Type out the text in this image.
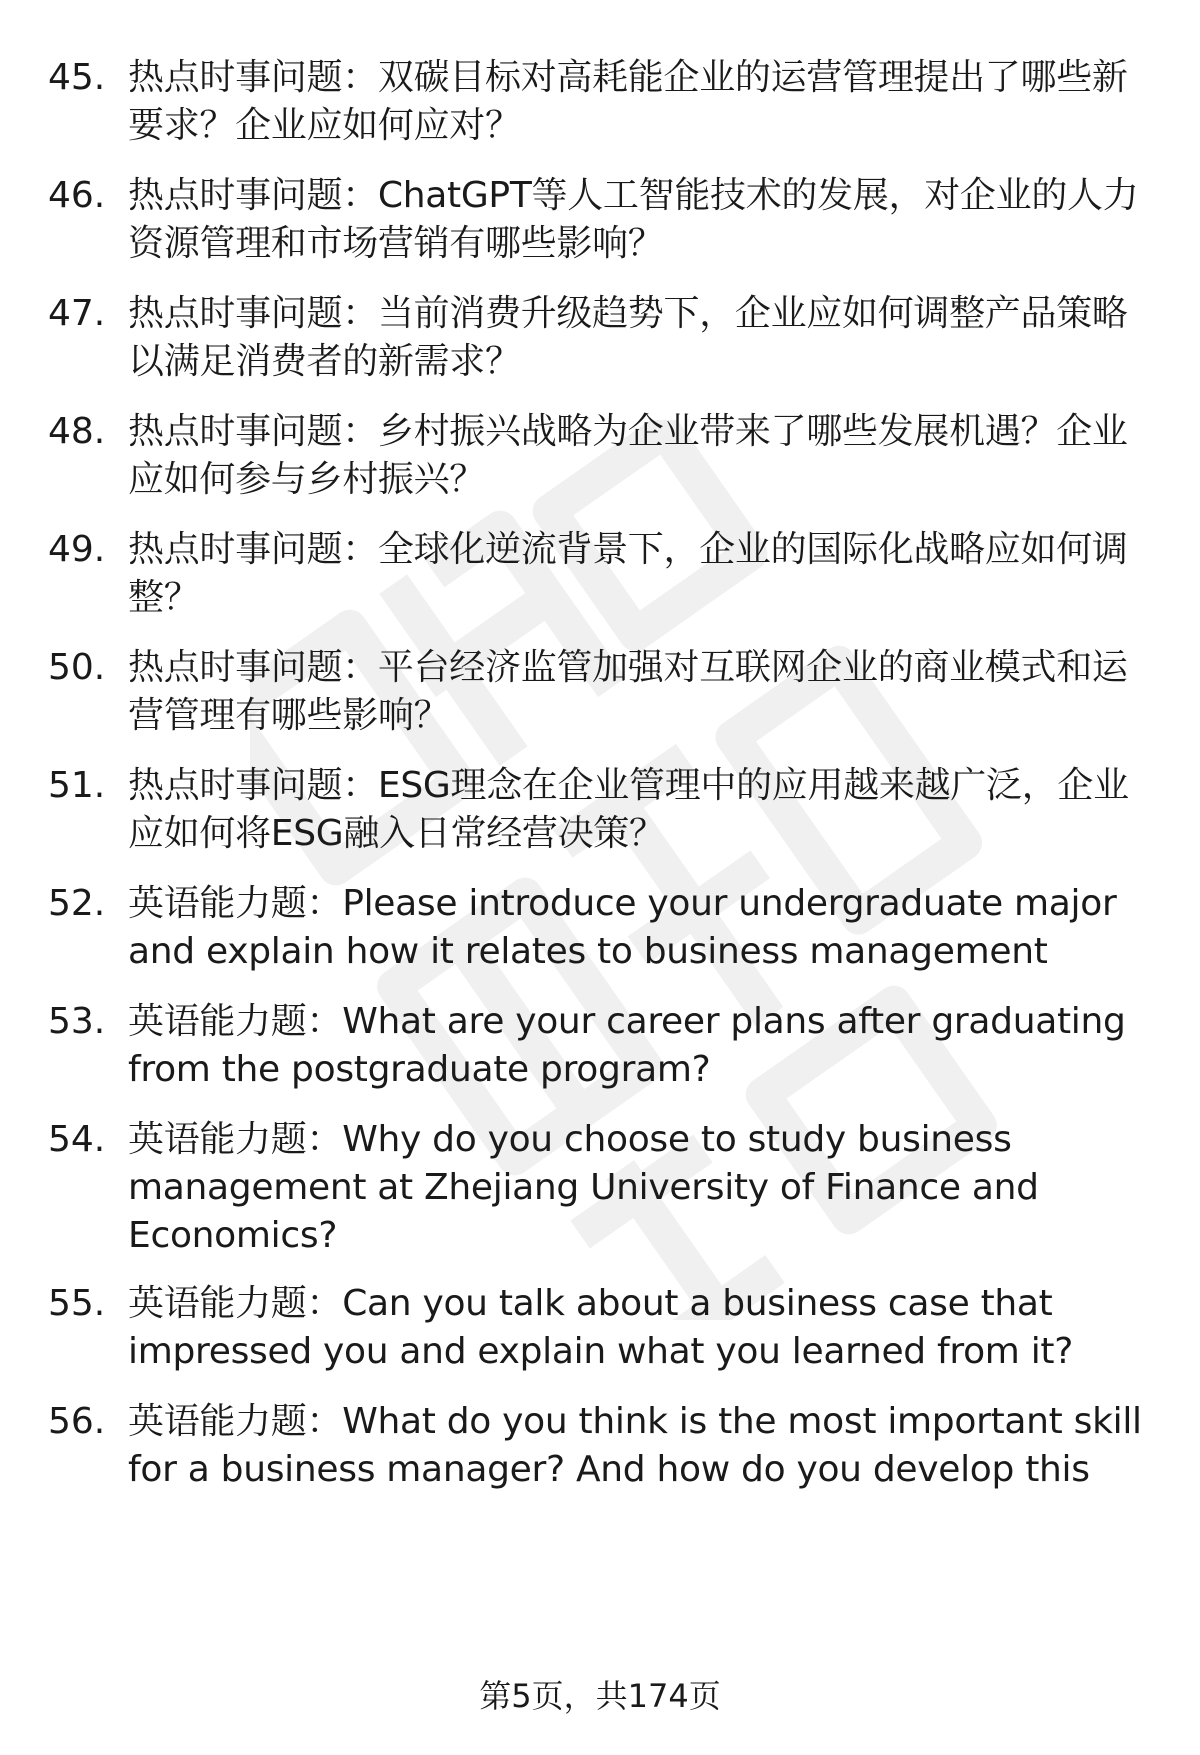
45. 热点时事问题：双碳目标对高耗能企业的运营管理提出了哪些新要求？企业应如何应对？
46. 热点时事问题：ChatGPT等人工智能技术的发展，对企业的人力资源管理和市场营销有哪些影响？
47. 热点时事问题：当前消费升级趋势下，企业应如何调整产品策略以满足消费者的新需求？
48. 热点时事问题：乡村振兴战略为企业带来了哪些发展机遇？企业应如何参与乡村振兴？
49. 热点时事问题：全球化逆流背景下，企业的国际化战略应如何调整？
50. 热点时事问题：平台经济监管加强对互联网企业的商业模式和运营管理有哪些影响？
51. 热点时事问题：ESG理念在企业管理中的应用越来越广泛，企业应如何将ESG融入日常经营决策？
52. 英语能力题：Please introduce your undergraduate major and explain how it relates to business management
53. 英语能力题：What are your career plans after graduating from the postgraduate program?
54. 英语能力题：Why do you choose to study business management at Zhejiang University of Finance and Economics?
55. 英语能力题：Can you talk about a business case that impressed you and explain what you learned from it?
56. 英语能力题：What do you think is the most important skill for a business manager? And how do you develop this
第5页，共174页
